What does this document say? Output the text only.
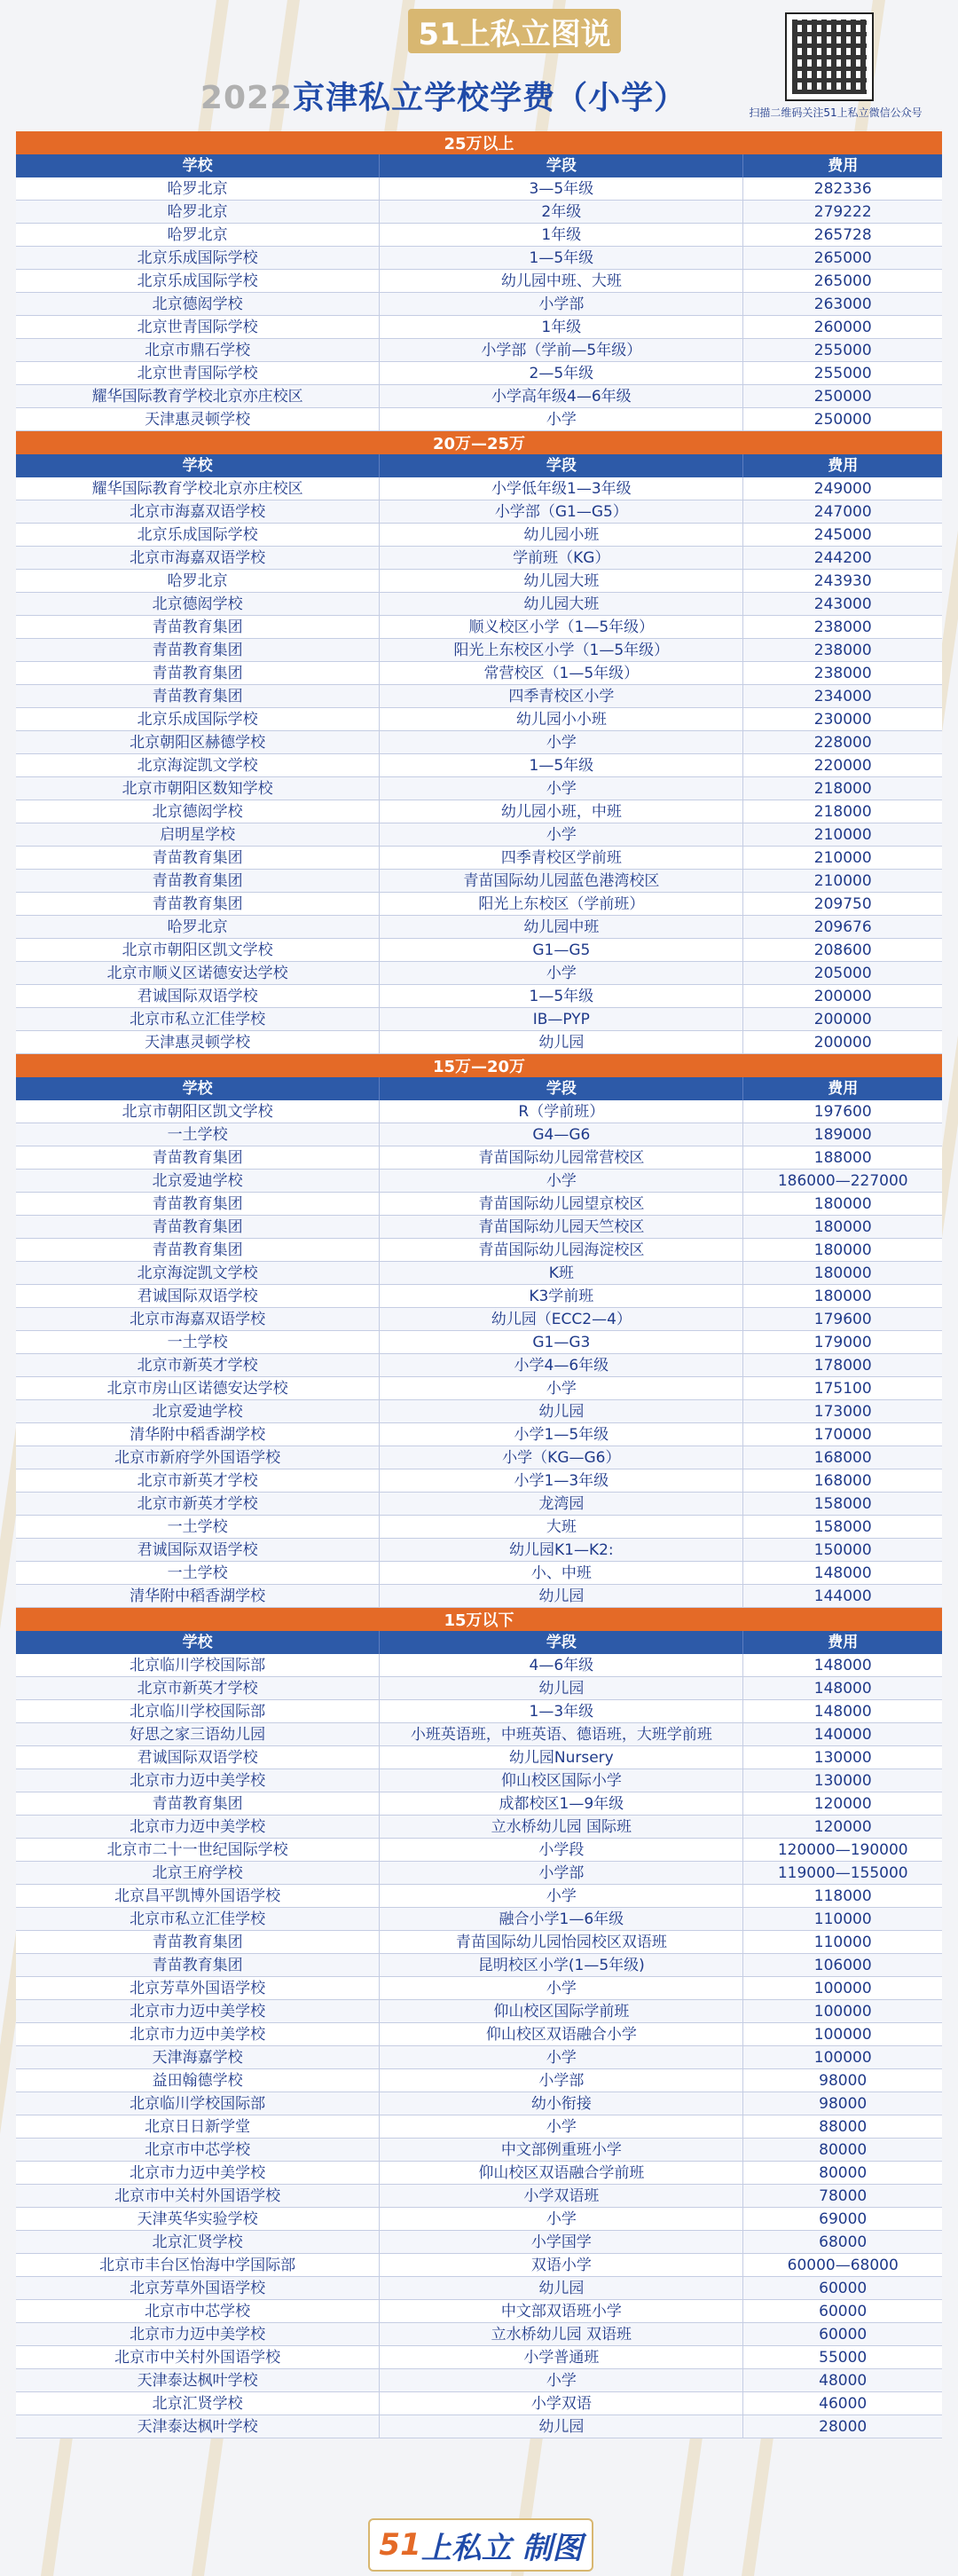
51上私立图说
扫描二维码关注51上私立微信公众号
2022京津私立学校学费（小学）
25万以上
学校	学段	费用
哈罗北京	3—5年级	282336
哈罗北京	2年级	279222
哈罗北京	1年级	265728
北京乐成国际学校	1—5年级	265000
北京乐成国际学校	幼儿园中班、大班	265000
北京德闳学校	小学部	263000
北京世青国际学校	1年级	260000
北京市鼎石学校	小学部（学前—5年级）	255000
北京世青国际学校	2—5年级	255000
耀华国际教育学校北京亦庄校区	小学高年级4—6年级	250000
天津惠灵顿学校	小学	250000
20万—25万
学校	学段	费用
耀华国际教育学校北京亦庄校区	小学低年级1—3年级	249000
北京市海嘉双语学校	小学部（G1—G5）	247000
北京乐成国际学校	幼儿园小班	245000
北京市海嘉双语学校	学前班（KG）	244200
哈罗北京	幼儿园大班	243930
北京德闳学校	幼儿园大班	243000
青苗教育集团	顺义校区小学（1—5年级）	238000
青苗教育集团	阳光上东校区小学（1—5年级）	238000
青苗教育集团	常营校区（1—5年级）	238000
青苗教育集团	四季青校区小学	234000
北京乐成国际学校	幼儿园小小班	230000
北京朝阳区赫德学校	小学	228000
北京海淀凯文学校	1—5年级	220000
北京市朝阳区数知学校	小学	218000
北京德闳学校	幼儿园小班，中班	218000
启明星学校	小学	210000
青苗教育集团	四季青校区学前班	210000
青苗教育集团	青苗国际幼儿园蓝色港湾校区	210000
青苗教育集团	阳光上东校区（学前班）	209750
哈罗北京	幼儿园中班	209676
北京市朝阳区凯文学校	G1—G5	208600
北京市顺义区诺德安达学校	小学	205000
君诚国际双语学校	1—5年级	200000
北京市私立汇佳学校	IB—PYP	200000
天津惠灵顿学校	幼儿园	200000
15万—20万
学校	学段	费用
北京市朝阳区凯文学校	R（学前班）	197600
一土学校	G4—G6	189000
青苗教育集团	青苗国际幼儿园常营校区	188000
北京爱迪学校	小学	186000—227000
青苗教育集团	青苗国际幼儿园望京校区	180000
青苗教育集团	青苗国际幼儿园天竺校区	180000
青苗教育集团	青苗国际幼儿园海淀校区	180000
北京海淀凯文学校	K班	180000
君诚国际双语学校	K3学前班	180000
北京市海嘉双语学校	幼儿园（ECC2—4）	179600
一土学校	G1—G3	179000
北京市新英才学校	小学4—6年级	178000
北京市房山区诺德安达学校	小学	175100
北京爱迪学校	幼儿园	173000
清华附中稻香湖学校	小学1—5年级	170000
北京市新府学外国语学校	小学（KG—G6）	168000
北京市新英才学校	小学1—3年级	168000
北京市新英才学校	龙湾园	158000
一土学校	大班	158000
君诚国际双语学校	幼儿园K1—K2:	150000
一土学校	小、中班	148000
清华附中稻香湖学校	幼儿园	144000
15万以下
学校	学段	费用
北京临川学校国际部	4—6年级	148000
北京市新英才学校	幼儿园	148000
北京临川学校国际部	1—3年级	148000
好思之家三语幼儿园	小班英语班，中班英语、德语班，大班学前班	140000
君诚国际双语学校	幼儿园Nursery	130000
北京市力迈中美学校	仰山校区国际小学	130000
青苗教育集团	成都校区1—9年级	120000
北京市力迈中美学校	立水桥幼儿园 国际班	120000
北京市二十一世纪国际学校	小学段	120000—190000
北京王府学校	小学部	119000—155000
北京昌平凯博外国语学校	小学	118000
北京市私立汇佳学校	融合小学1—6年级	110000
青苗教育集团	青苗国际幼儿园怡园校区双语班	110000
青苗教育集团	昆明校区小学(1—5年级)	106000
北京芳草外国语学校	小学	100000
北京市力迈中美学校	仰山校区国际学前班	100000
北京市力迈中美学校	仰山校区双语融合小学	100000
天津海嘉学校	小学	100000
益田翰德学校	小学部	98000
北京临川学校国际部	幼小衔接	98000
北京日日新学堂	小学	88000
北京市中芯学校	中文部例重班小学	80000
北京市力迈中美学校	仰山校区双语融合学前班	80000
北京市中关村外国语学校	小学双语班	78000
天津英华实验学校	小学	69000
北京汇贤学校	小学国学	68000
北京市丰台区怡海中学国际部	双语小学	60000—68000
北京芳草外国语学校	幼儿园	60000
北京市中芯学校	中文部双语班小学	60000
北京市力迈中美学校	立水桥幼儿园 双语班	60000
北京市中关村外国语学校	小学普通班	55000
天津泰达枫叶学校	小学	48000
北京汇贤学校	小学双语	46000
天津泰达枫叶学校	幼儿园	28000
51 上私立 制图
